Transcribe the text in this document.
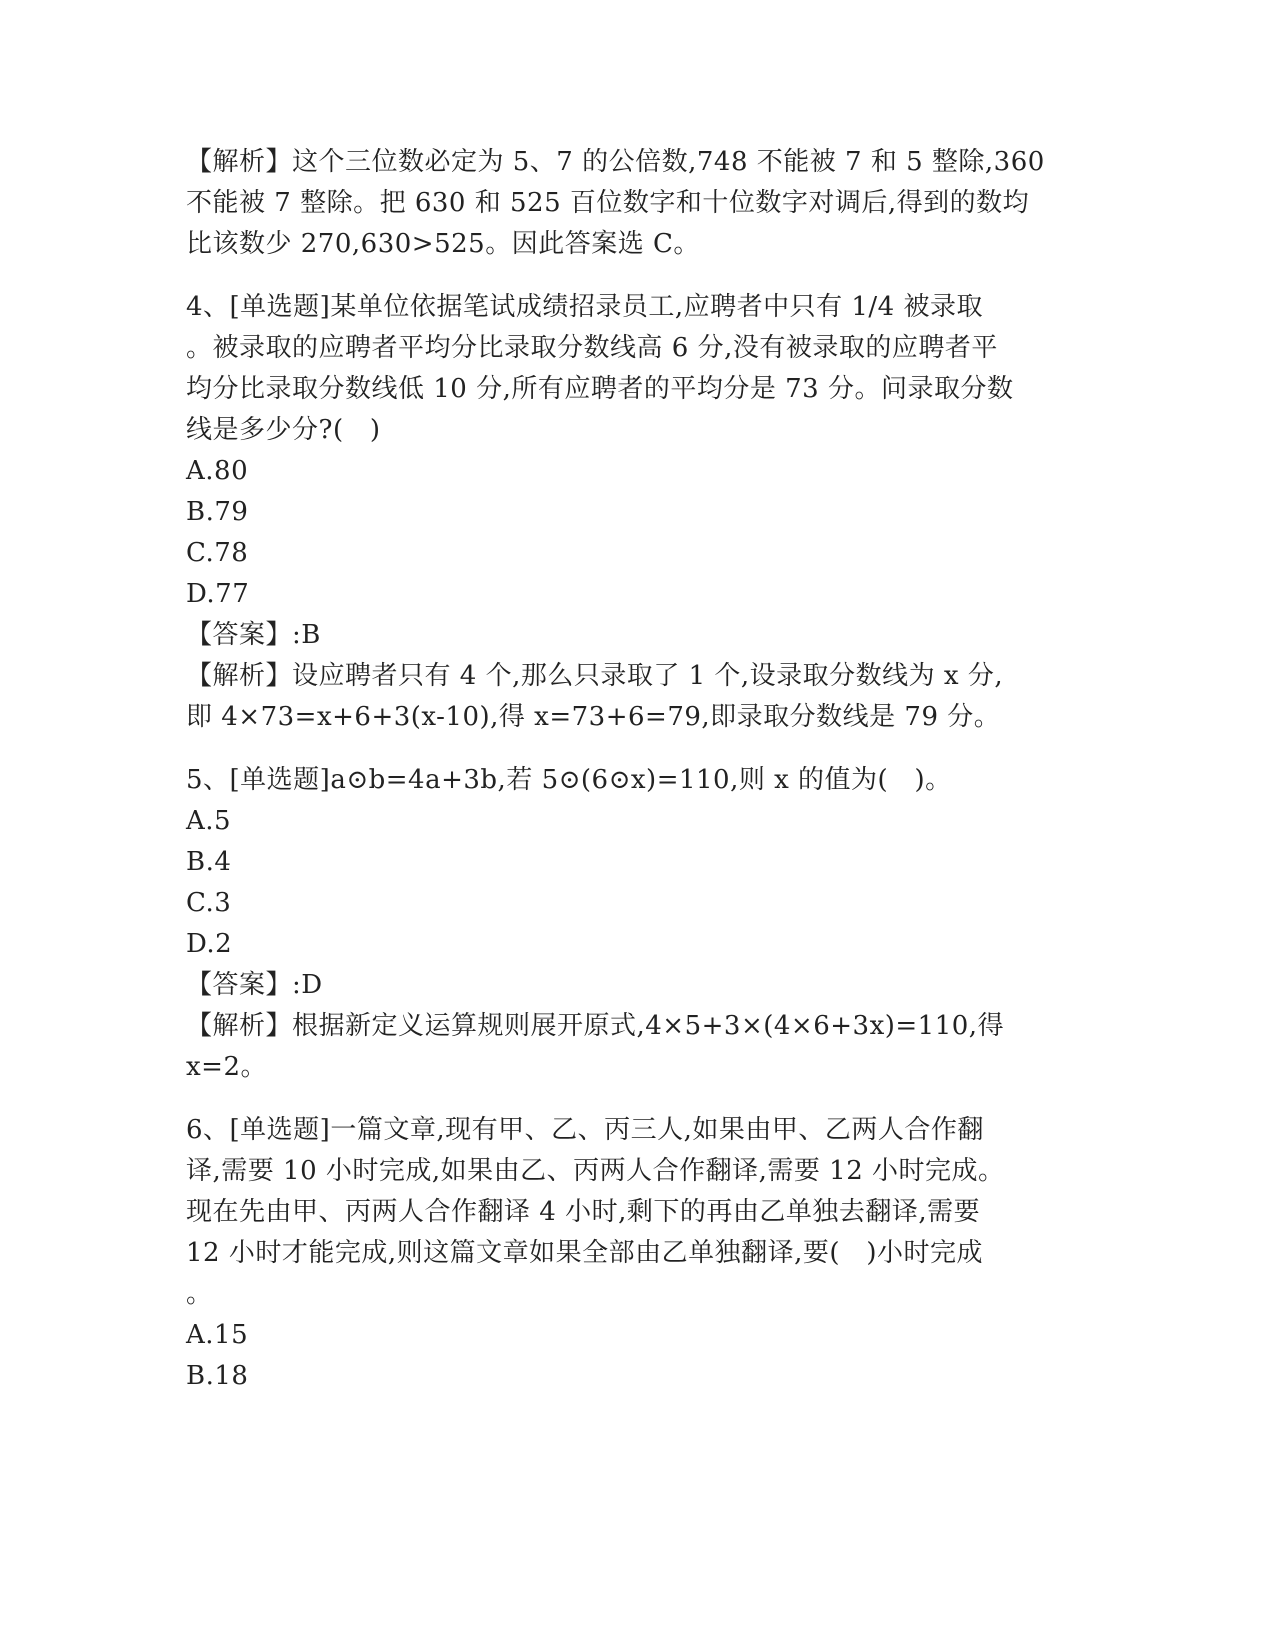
【解析】这个三位数必定为 5、7 的公倍数,748 不能被 7 和 5 整除,360
不能被 7 整除。把 630 和 525 百位数字和十位数字对调后,得到的数均
比该数少 270,630>525。因此答案选 C。
4、[单选题]某单位依据笔试成绩招录员工,应聘者中只有 1/4 被录取
。被录取的应聘者平均分比录取分数线高 6 分,没有被录取的应聘者平
均分比录取分数线低 10 分,所有应聘者的平均分是 73 分。问录取分数
线是多少分?(   )
A.80
B.79
C.78
D.77
【答案】:B
【解析】设应聘者只有 4 个,那么只录取了 1 个,设录取分数线为 x 分,
即 4×73=x+6+3(x-10),得 x=73+6=79,即录取分数线是 79 分。
5、[单选题]a⊙b=4a+3b,若 5⊙(6⊙x)=110,则 x 的值为(   )。
A.5
B.4
C.3
D.2
【答案】:D
【解析】根据新定义运算规则展开原式,4×5+3×(4×6+3x)=110,得
x=2。
6、[单选题]一篇文章,现有甲、乙、丙三人,如果由甲、乙两人合作翻
译,需要 10 小时完成,如果由乙、丙两人合作翻译,需要 12 小时完成。
现在先由甲、丙两人合作翻译 4 小时,剩下的再由乙单独去翻译,需要
12 小时才能完成,则这篇文章如果全部由乙单独翻译,要(   )小时完成
。
A.15
B.18
